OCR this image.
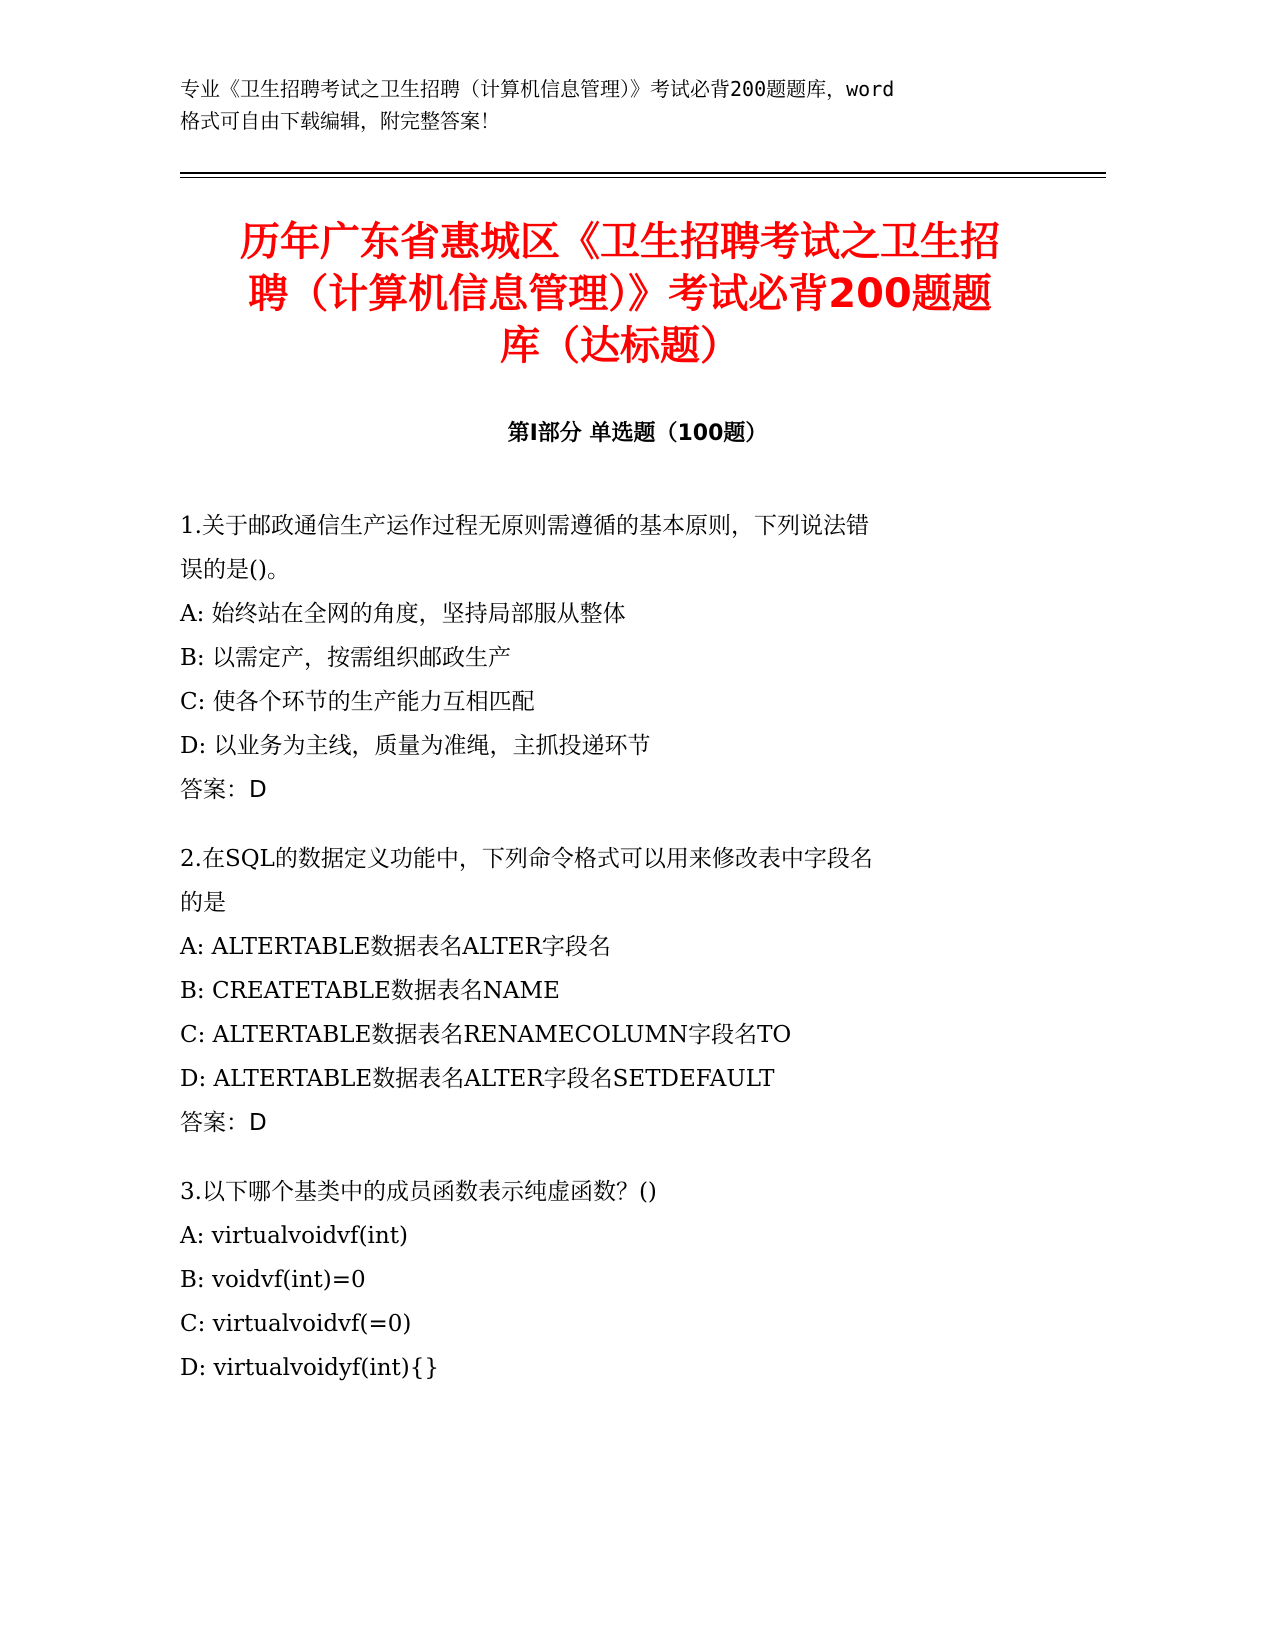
专业《卫生招聘考试之卫生招聘（计算机信息管理）》考试必背200题题库，word
格式可自由下载编辑，附完整答案！
历年广东省惠城区《卫生招聘考试之卫生招
聘（计算机信息管理）》考试必背200题题
库（达标题）
第I部分 单选题（100题）
1.关于邮政通信生产运作过程无原则需遵循的基本原则，下列说法错
误的是()。
A: 始终站在全网的角度，坚持局部服从整体
B: 以需定产，按需组织邮政生产
C: 使各个环节的生产能力互相匹配
D: 以业务为主线，质量为准绳，主抓投递环节
答案：D
2.在SQL的数据定义功能中，下列命令格式可以用来修改表中字段名
的是
A: ALTERTABLE数据表名ALTER字段名
B: CREATETABLE数据表名NAME
C: ALTERTABLE数据表名RENAMECOLUMN字段名TO
D: ALTERTABLE数据表名ALTER字段名SETDEFAULT
答案：D
3.以下哪个基类中的成员函数表示纯虚函数？()
A: virtualvoidvf(int)
B: voidvf(int)=0
C: virtualvoidvf(=0)
D: virtualvoidyf(int){}
